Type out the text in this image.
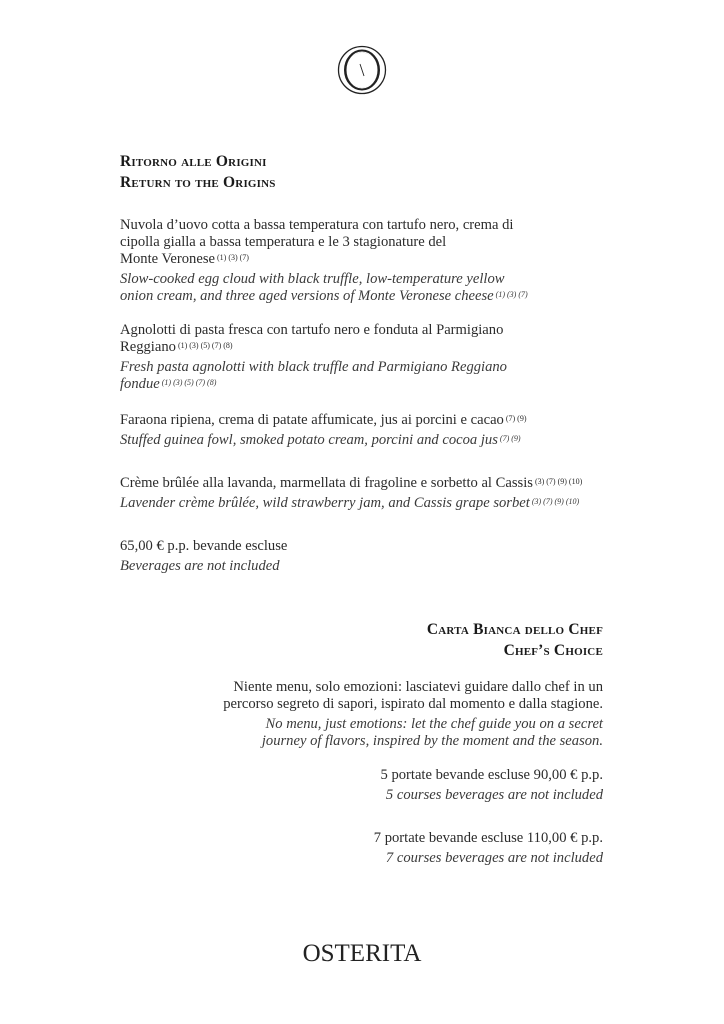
Ritorno alle Origini
Return to the Origins
Nuvola d’uovo cotta a bassa temperatura con tartufo nero, crema di
cipolla gialla a bassa temperatura e le 3 stagionature del
Monte Veronese $^{(1) (3) (7)}$
Slow-cooked egg cloud with black truffle, low-temperature yellow
onion cream, and three aged versions of Monte Veronese cheese $^{(1) (3) (7)}$
Agnolotti di pasta fresca con tartufo nero e fonduta al Parmigiano
Reggiano $^{(1) (3) (5) (7) (8)}$
Fresh pasta agnolotti with black truffle and Parmigiano Reggiano
fondue $^{(1) (3) (5) (7) (8)}$
Faraona ripiena, crema di patate affumicate, jus ai porcini e cacao $^{(7) (9)}$
Stuffed guinea fowl, smoked potato cream, porcini and cocoa jus $^{(7) (9)}$
Crème brûlée alla lavanda, marmellata di fragoline e sorbetto al Cassis $^{(3) (7) (9) (10)}$
Lavender crème brûlée, wild strawberry jam, and Cassis grape sorbet $^{(3) (7) (9) (10)}$
65,00 € p.p. bevande escluse
Beverages are not included
Carta Bianca dello Chef
Chef’s Choice
Niente menu, solo emozioni: lasciatevi guidare dallo chef in un
percorso segreto di sapori, ispirato dal momento e dalla stagione.
No menu, just emotions: let the chef guide you on a secret
journey of flavors, inspired by the moment and the season.
5 portate bevande escluse 90,00 € p.p.
5 courses beverages are not included
7 portate bevande escluse 110,00 € p.p.
7 courses beverages are not included
OSTERITA
